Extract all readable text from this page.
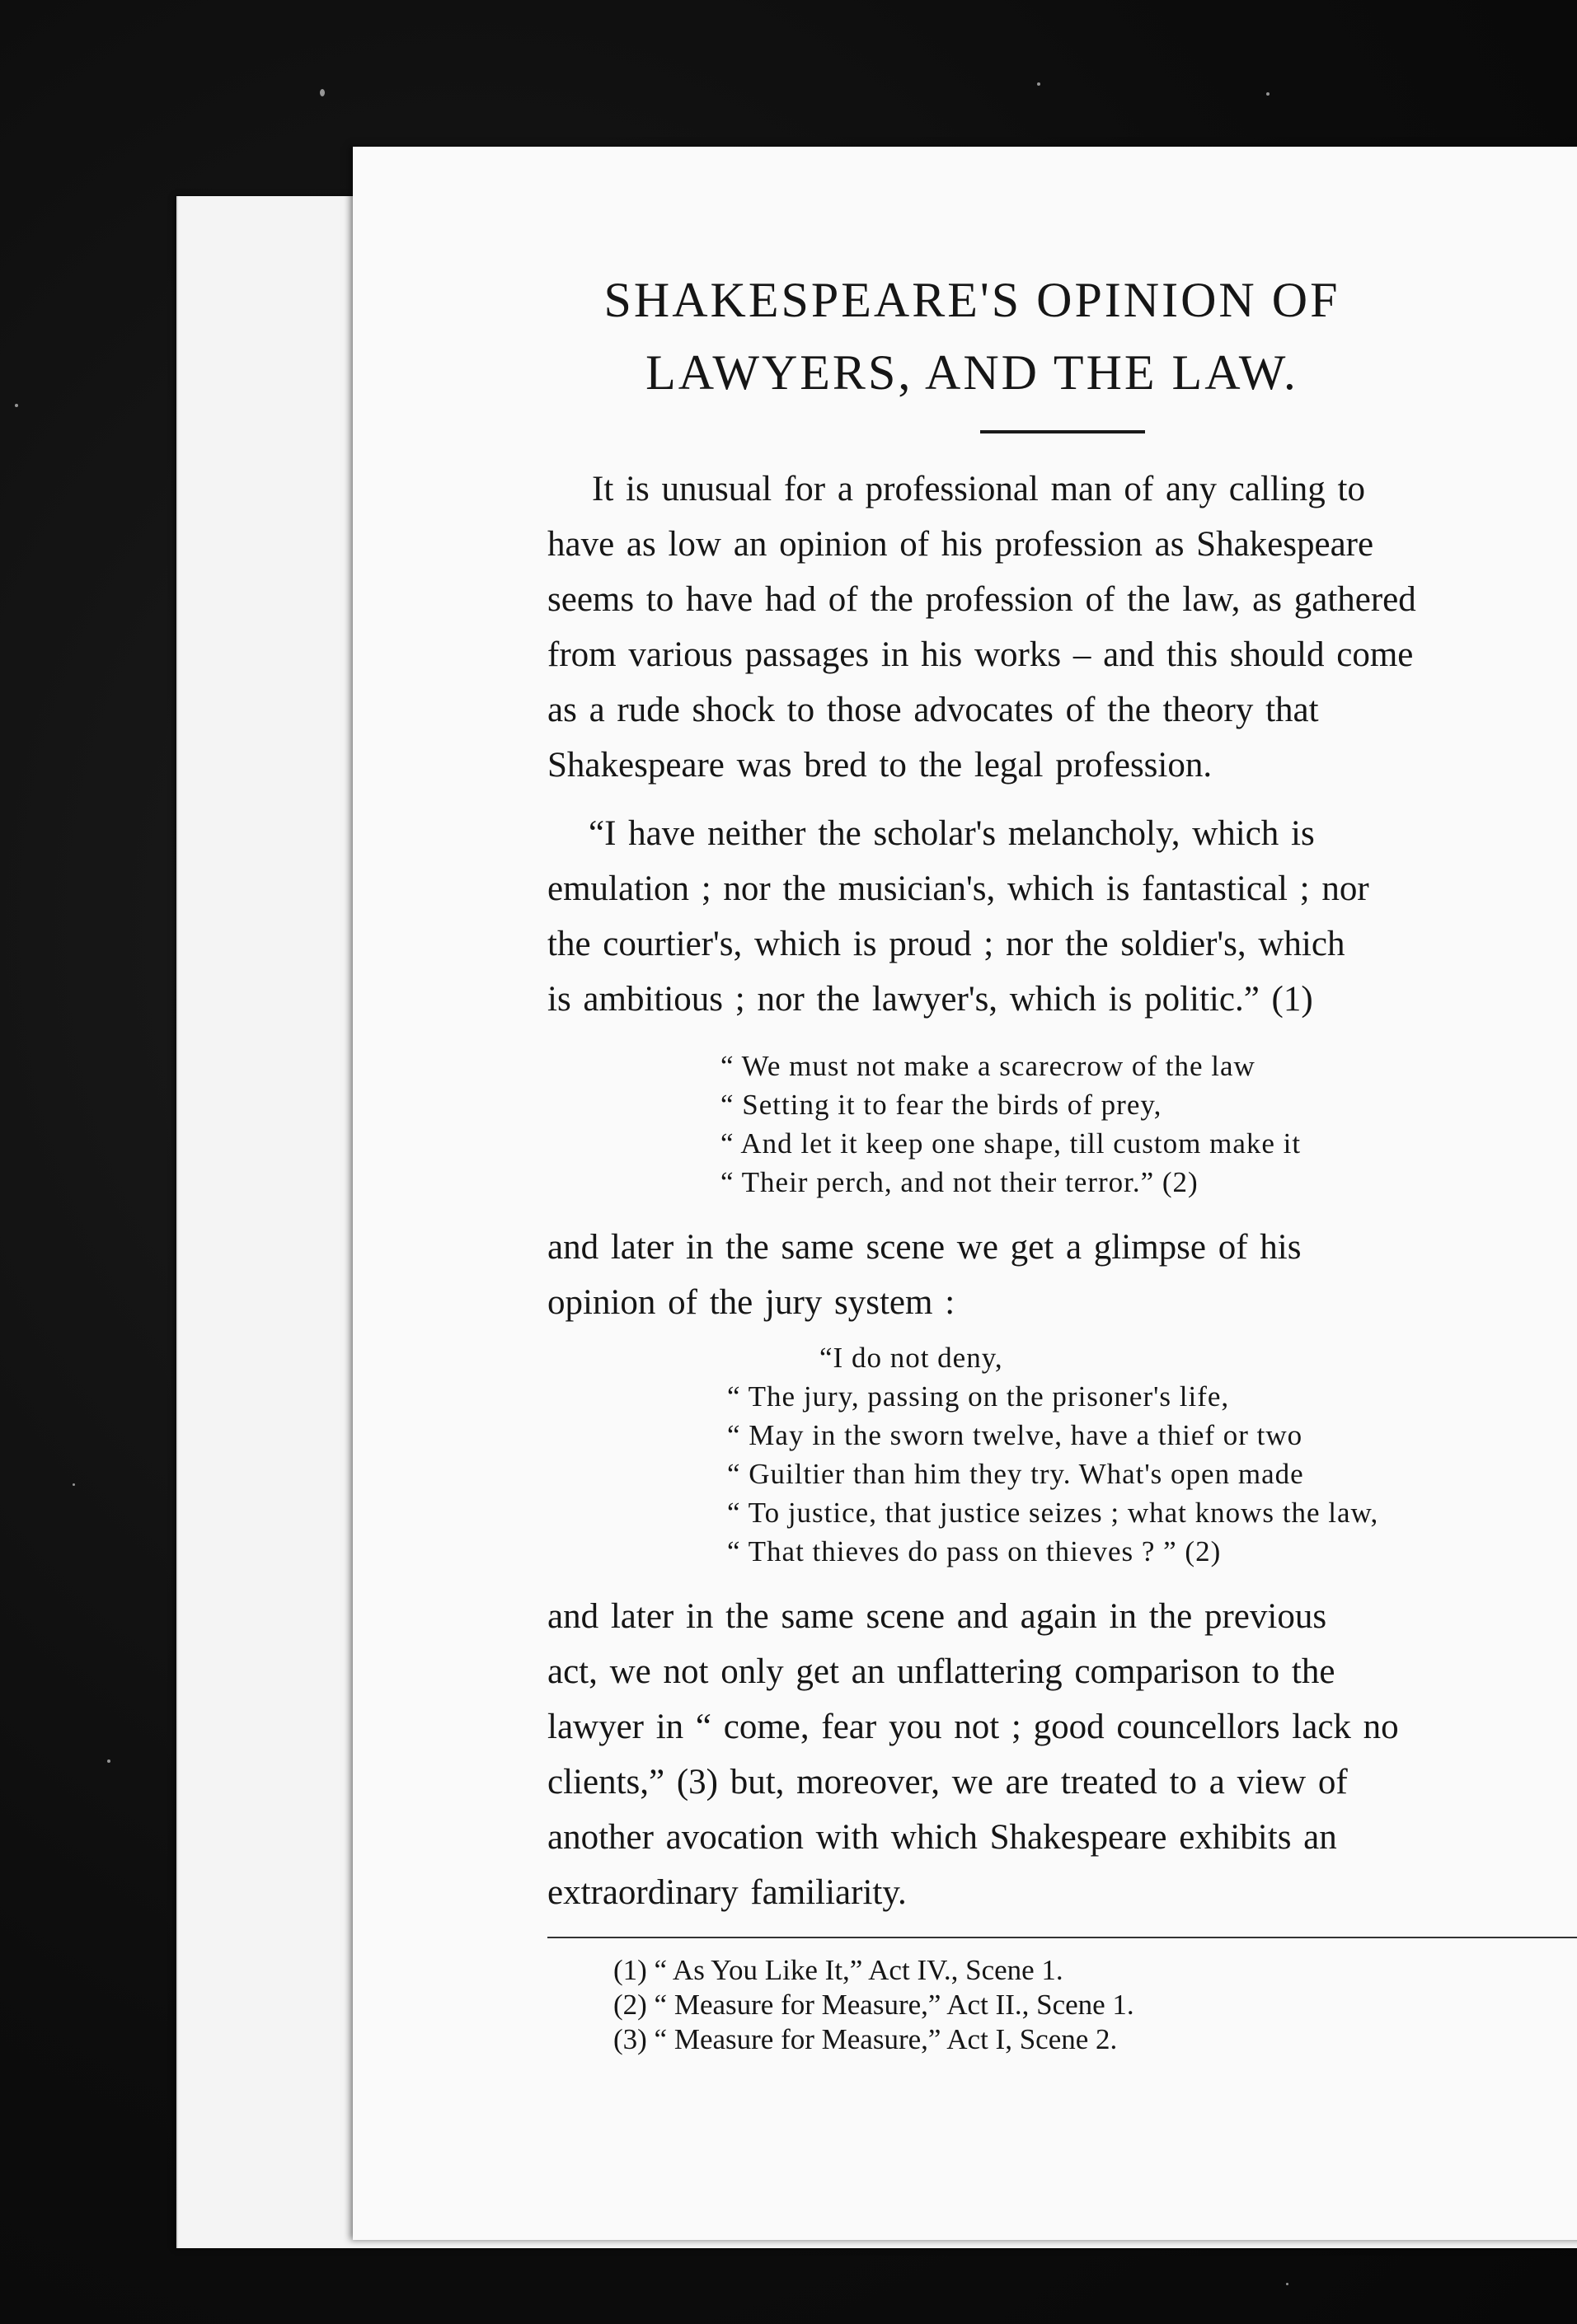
SHAKESPEARE'S OPINION OF
LAWYERS, AND THE LAW.

It is unusual for a professional man of any calling to
have as low an opinion of his profession as Shakespeare
seems to have had of the profession of the law, as gathered
from various passages in his works – and this should come
as a rude shock to those advocates of the theory that
Shakespeare was bred to the legal profession.

“I have neither the scholar's melancholy, which is
emulation ; nor the musician's, which is fantastical ; nor
the courtier's, which is proud ; nor the soldier's, which
is ambitious ; nor the lawyer's, which is politic.” (1)

“ We must not make a scarecrow of the law
“ Setting it to fear the birds of prey,
“ And let it keep one shape, till custom make it
“ Their perch, and not their terror.” (2)

and later in the same scene we get a glimpse of his
opinion of the jury system :

“I do not deny,
“ The jury, passing on the prisoner's life,
“ May in the sworn twelve, have a thief or two
“ Guiltier than him they try. What's open made
“ To justice, that justice seizes ; what knows the law,
“ That thieves do pass on thieves ? ” (2)

and later in the same scene and again in the previous
act, we not only get an unflattering comparison to the
lawyer in “ come, fear you not ; good councellors lack no
clients,” (3) but, moreover, we are treated to a view of
another avocation with which Shakespeare exhibits an
extraordinary familiarity.

(1) “ As You Like It,” Act IV., Scene 1.
(2) “ Measure for Measure,” Act II., Scene 1.
(3) “ Measure for Measure,” Act I, Scene 2.
